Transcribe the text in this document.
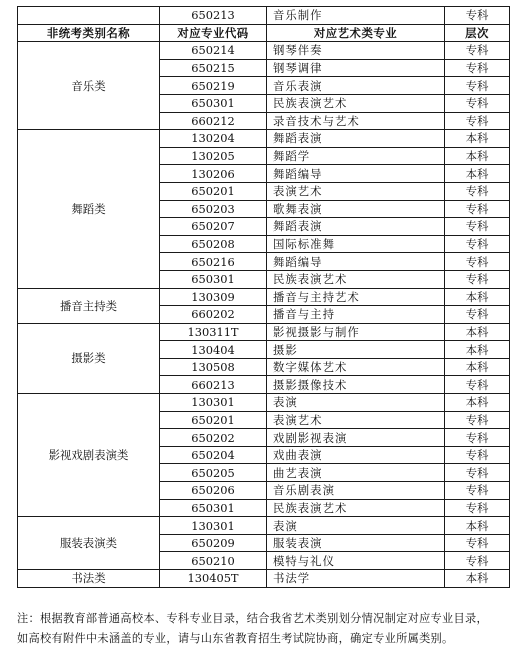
	650213	音乐制作	专科
非统考类别名称	对应专业代码	对应艺术类专业	层次
音乐类	650214	钢琴伴奏	专科
	650215	钢琴调律	专科
	650219	音乐表演	专科
	650301	民族表演艺术	专科
	660212	录音技术与艺术	专科
舞蹈类	130204	舞蹈表演	本科
	130205	舞蹈学	本科
	130206	舞蹈编导	本科
	650201	表演艺术	专科
	650203	歌舞表演	专科
	650207	舞蹈表演	专科
	650208	国际标准舞	专科
	650216	舞蹈编导	专科
	650301	民族表演艺术	专科
播音主持类	130309	播音与主持艺术	本科
	660202	播音与主持	专科
摄影类	130311T	影视摄影与制作	本科
	130404	摄影	本科
	130508	数字媒体艺术	本科
	660213	摄影摄像技术	专科
影视戏剧表演类	130301	表演	本科
	650201	表演艺术	专科
	650202	戏剧影视表演	专科
	650204	戏曲表演	专科
	650205	曲艺表演	专科
	650206	音乐剧表演	专科
	650301	民族表演艺术	专科
服装表演类	130301	表演	本科
	650209	服装表演	专科
	650210	模特与礼仪	专科
书法类	130405T	书法学	本科
注：根据教育部普通高校本、专科专业目录，结合我省艺术类别划分情况制定对应专业目录，
如高校有附件中未涵盖的专业，请与山东省教育招生考试院协商，确定专业所属类别。
